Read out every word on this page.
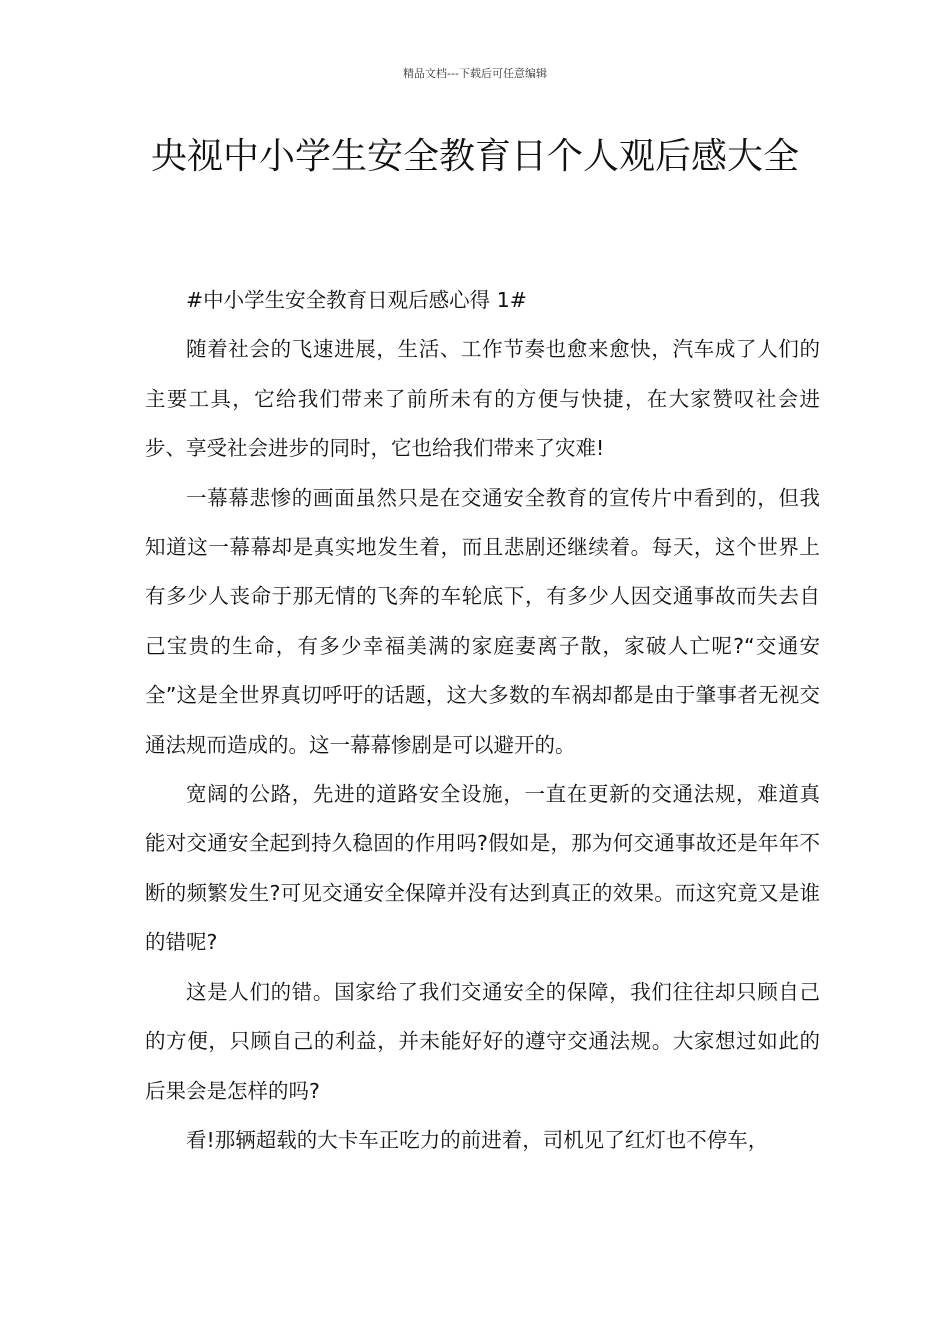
精品文档---下载后可任意编辑
央视中小学生安全教育日个人观后感大全

#中小学生安全教育日观后感心得 1#

随着社会的飞速进展，生活、工作节奏也愈来愈快，汽车成了人们的主要工具，它给我们带来了前所未有的方便与快捷，在大家赞叹社会进步、享受社会进步的同时，它也给我们带来了灾难!

一幕幕悲惨的画面虽然只是在交通安全教育的宣传片中看到的，但我知道这一幕幕却是真实地发生着，而且悲剧还继续着。每天，这个世界上有多少人丧命于那无情的飞奔的车轮底下，有多少人因交通事故而失去自己宝贵的生命，有多少幸福美满的家庭妻离子散，家破人亡呢?“交通安全”这是全世界真切呼吁的话题，这大多数的车祸却都是由于肇事者无视交通法规而造成的。这一幕幕惨剧是可以避开的。

宽阔的公路，先进的道路安全设施，一直在更新的交通法规，难道真能对交通安全起到持久稳固的作用吗?假如是，那为何交通事故还是年年不断的频繁发生?可见交通安全保障并没有达到真正的效果。而这究竟又是谁的错呢?

这是人们的错。国家给了我们交通安全的保障，我们往往却只顾自己的方便，只顾自己的利益，并未能好好的遵守交通法规。大家想过如此的后果会是怎样的吗?

看!那辆超载的大卡车正吃力的前进着，司机见了红灯也不停车，
